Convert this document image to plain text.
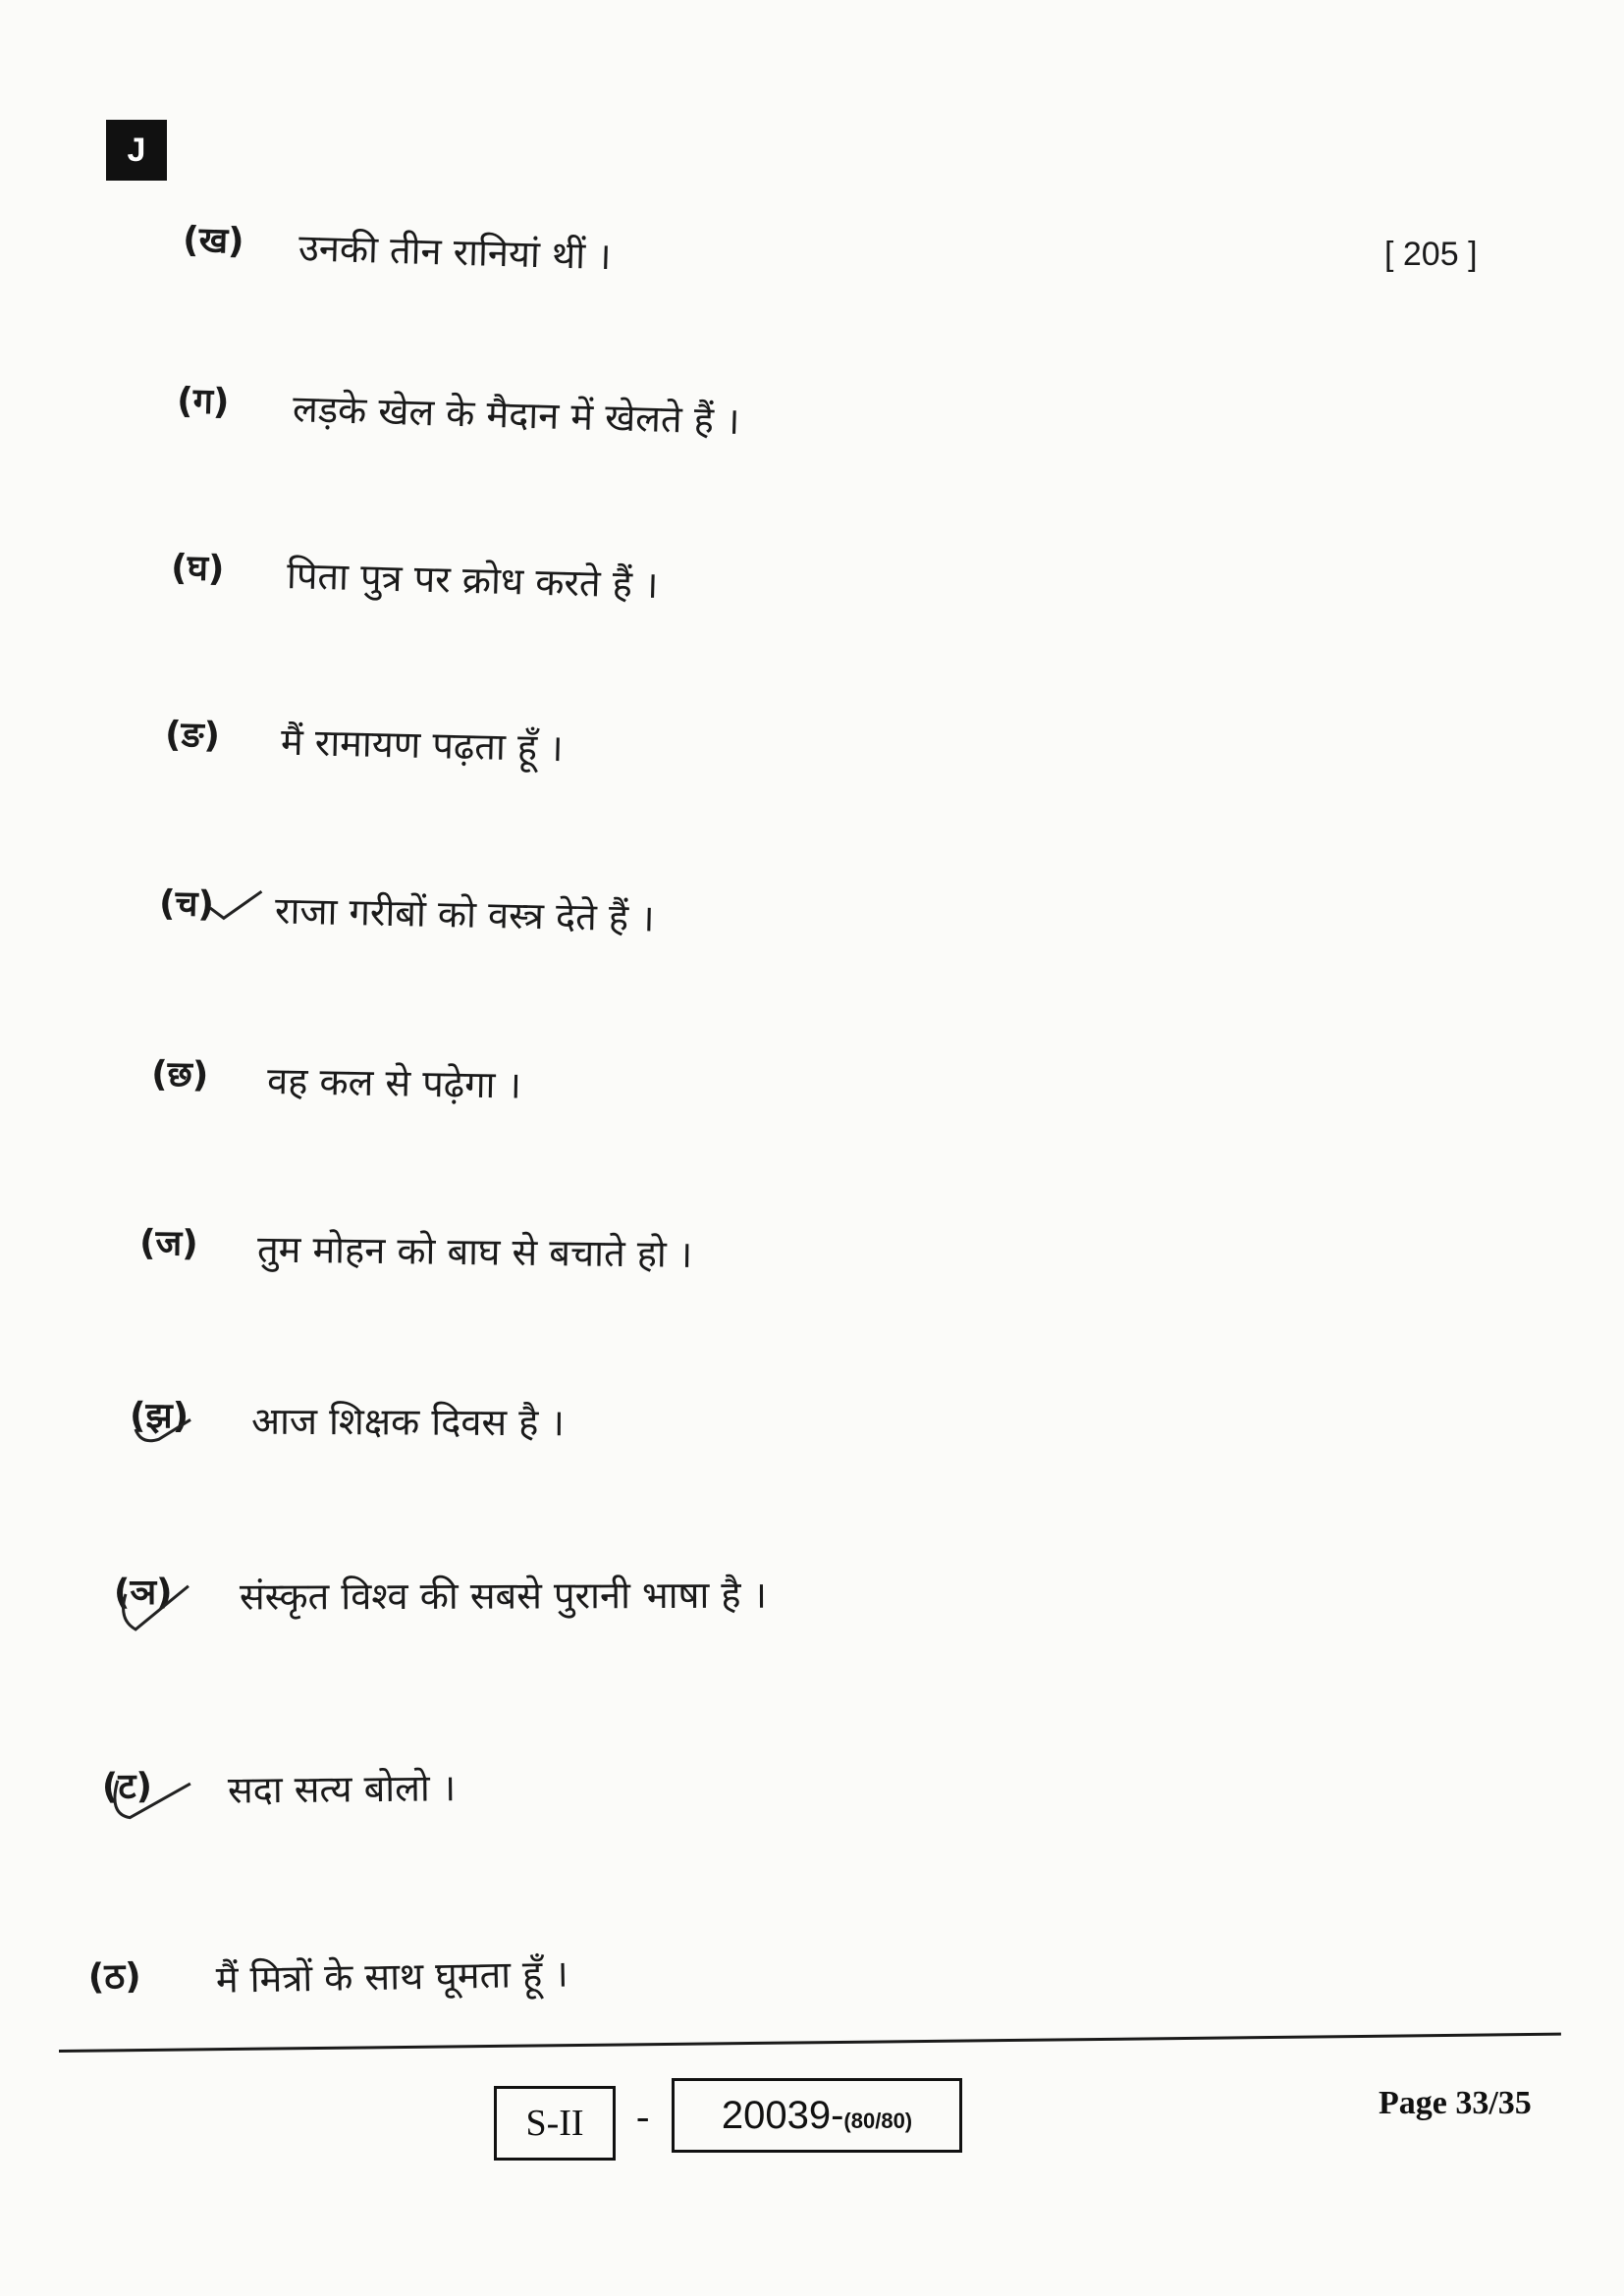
J
[ 205 ]
(ख) उनकी तीन रानियां थीं ।
(ग) लड़के खेल के मैदान में खेलते हैं ।
(घ) पिता पुत्र पर क्रोध करते हैं ।
(ङ) मैं रामायण पढ़ता हूँ ।
(च) राजा गरीबों को वस्त्र देते हैं ।
(छ) वह कल से पढ़ेगा ।
(ज) तुम मोहन को बाघ से बचाते हो ।
(झ) आज शिक्षक दिवस है ।
(ञ) संस्कृत विश्व की सबसे पुरानी भाषा है ।
(ट) सदा सत्य बोलो ।
(ठ) मैं मित्रों के साथ घूमता हूँ ।
S-II	-	20039-(80/80)	Page 33/35
